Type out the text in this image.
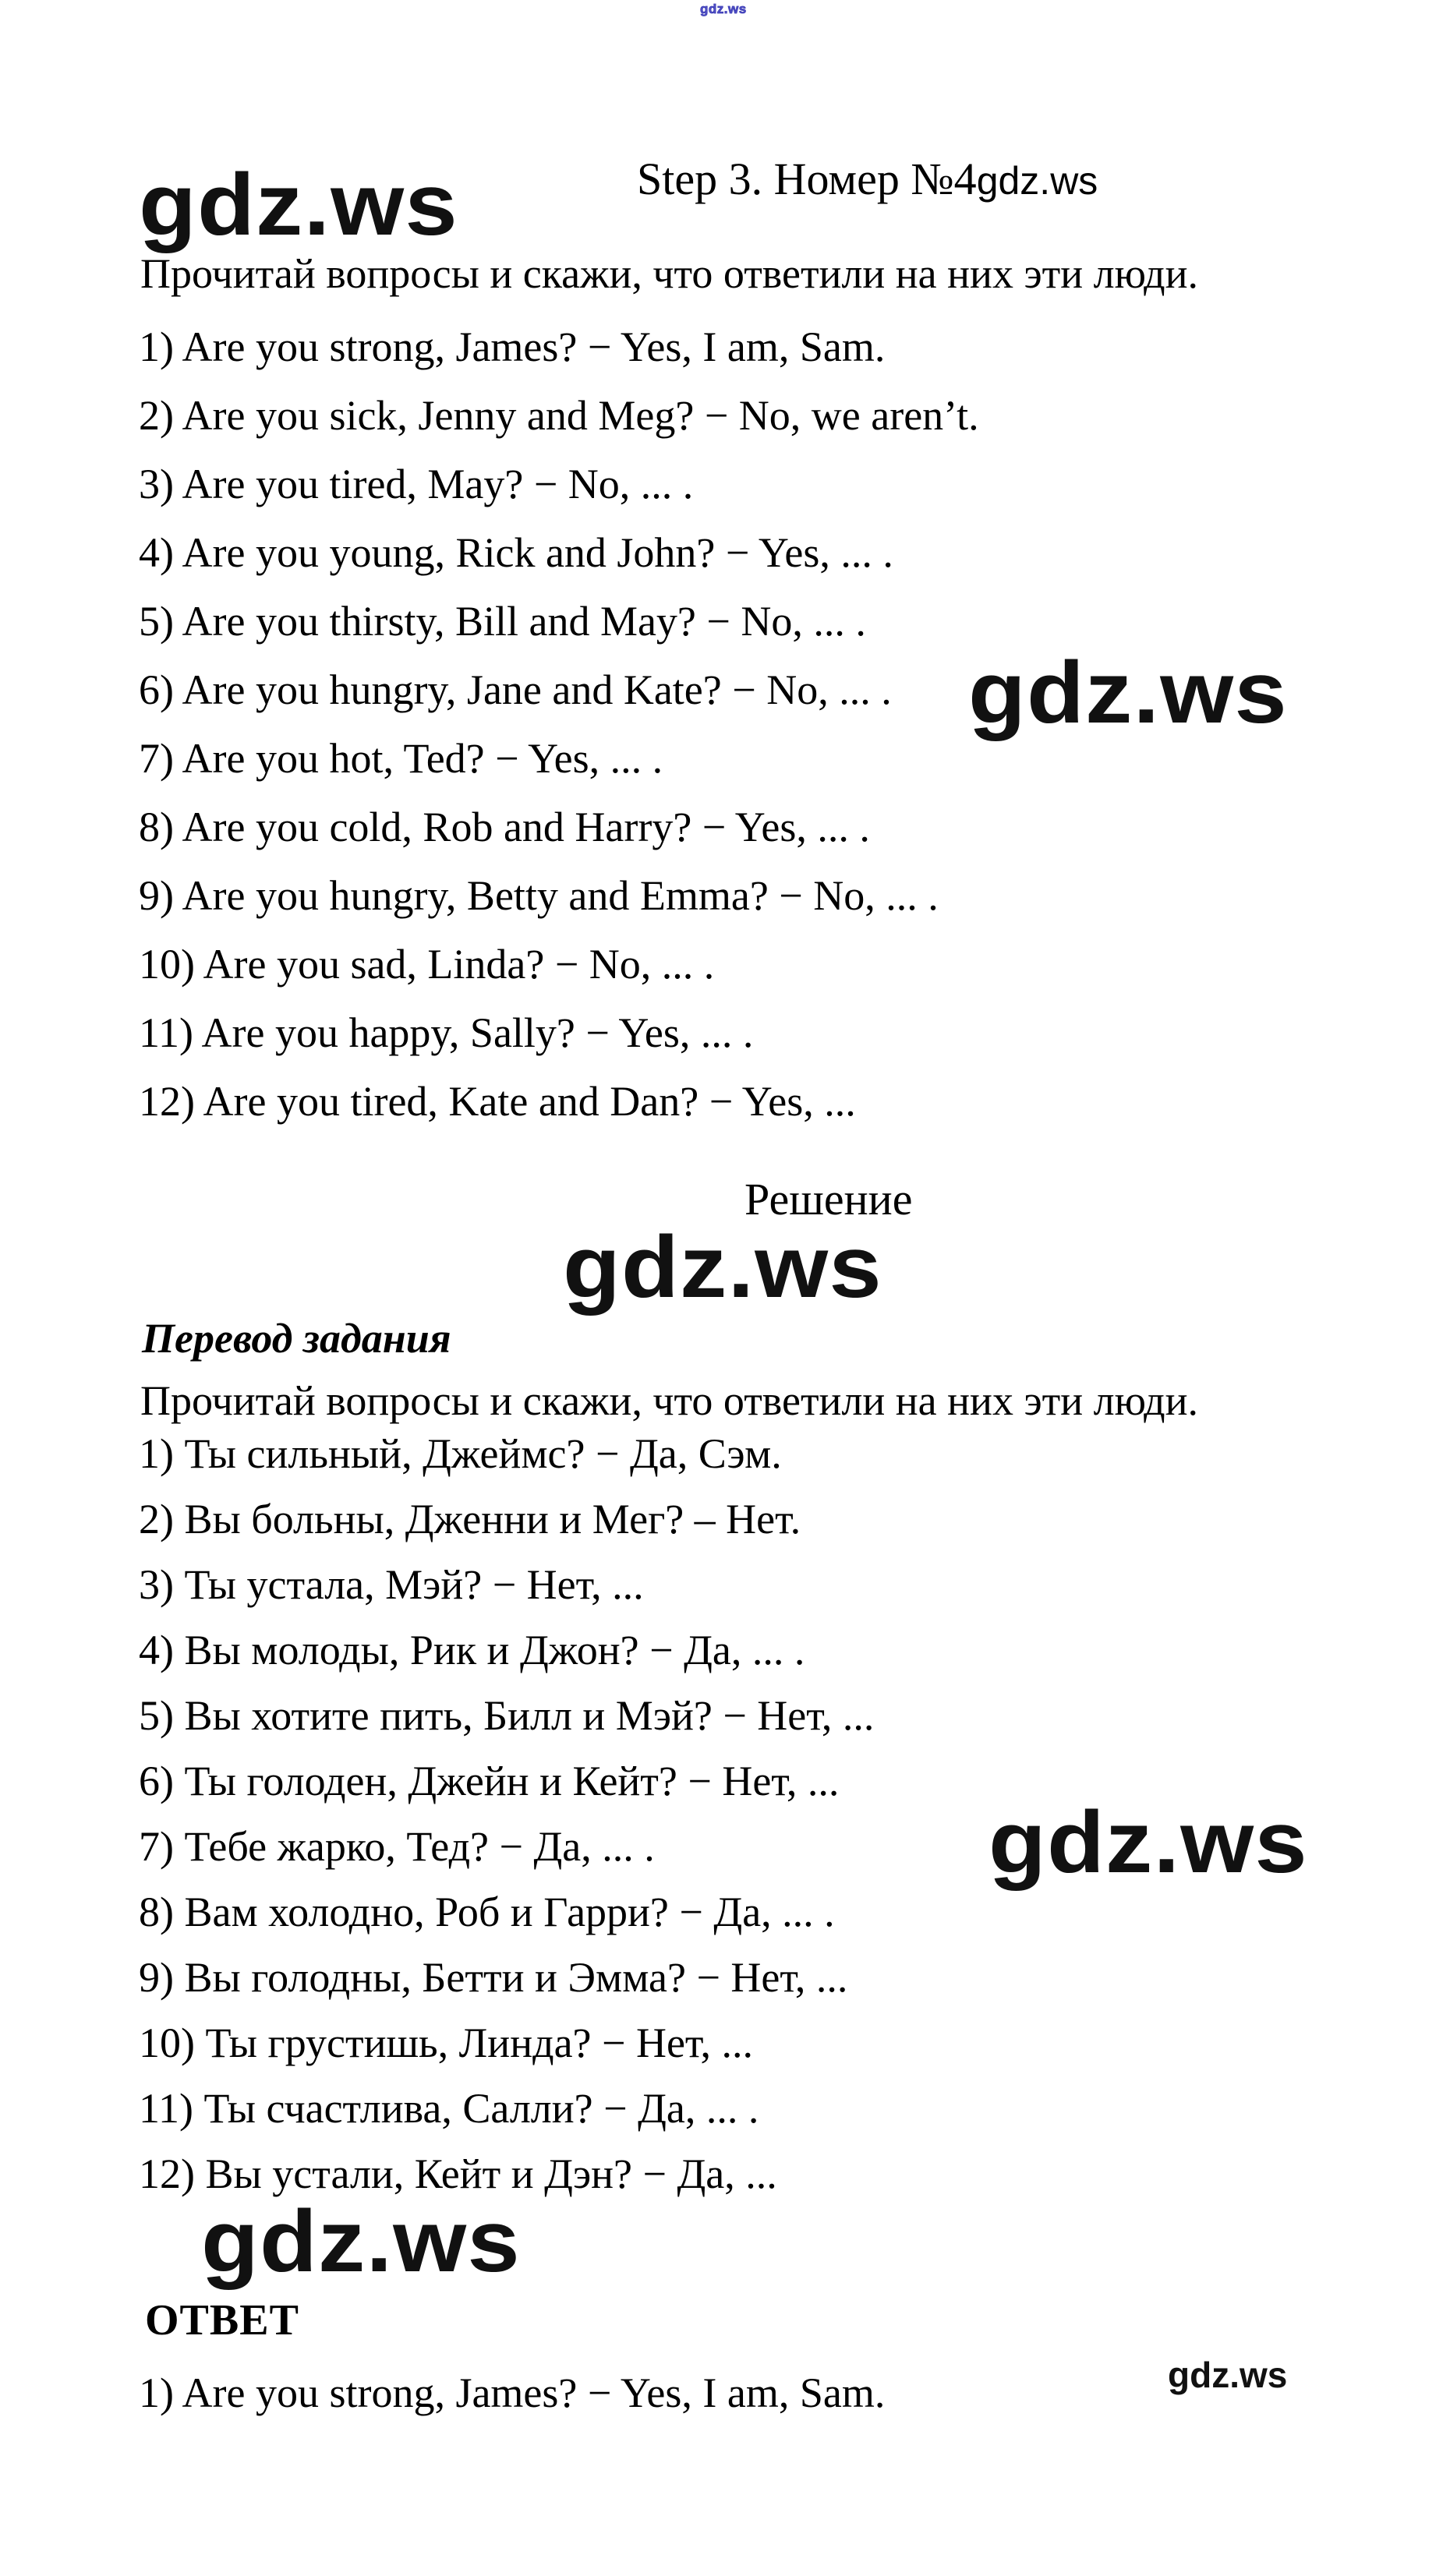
gdz.ws
Step 3. Номер №4gdz.ws
gdz.ws
Прочитай вопросы и скажи, что ответили на них эти люди.
1) Are you strong, James? − Yes, I am, Sam.
2) Are you sick, Jenny and Meg? − No, we aren’t.
3) Are you tired, May? − No, ... .
4) Are you young, Rick and John? − Yes, ... .
5) Are you thirsty, Bill and May? − No, ... .
6) Are you hungry, Jane and Kate? − No, ... .
7) Are you hot, Ted? − Yes, ... .
8) Are you cold, Rob and Harry? − Yes, ... .
9) Are you hungry, Betty and Emma? − No, ... .
10) Are you sad, Linda? − No, ... .
11) Are you happy, Sally? − Yes, ... .
12) Are you tired, Kate and Dan? − Yes, ...
gdz.ws
Решение
gdz.ws
Перевод задания
Прочитай вопросы и скажи, что ответили на них эти люди.
1) Ты сильный, Джеймс? − Да, Сэм.
2) Вы больны, Дженни и Мег? – Нет.
3) Ты устала, Мэй? − Нет, ...
4) Вы молоды, Рик и Джон? − Да, ... .
5) Вы хотите пить, Билл и Мэй? − Нет, ...
6) Ты голоден, Джейн и Кейт? − Нет, ...
7) Тебе жарко, Тед? − Да, ... .
8) Вам холодно, Роб и Гарри? − Да, ... .
9) Вы голодны, Бетти и Эмма? − Нет, ...
10) Ты грустишь, Линда? − Нет, ...
11) Ты счастлива, Салли? − Да, ... .
12) Вы устали, Кейт и Дэн? − Да, ...
gdz.ws
gdz.ws
ОТВЕТ
1) Are you strong, James? − Yes, I am, Sam.	gdz.ws
